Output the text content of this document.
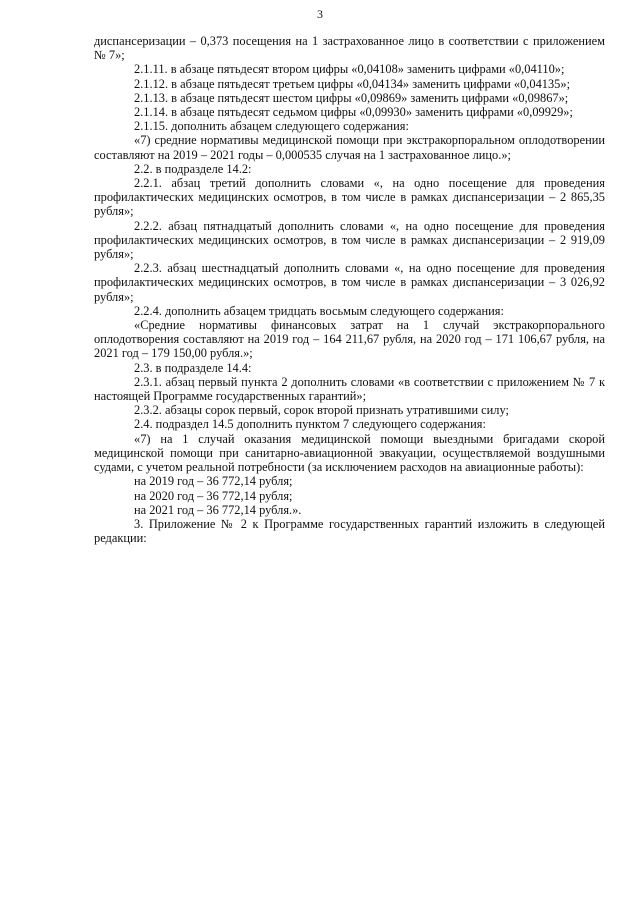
3

диспансеризации – 0,373 посещения на 1 застрахованное лицо в соответствии с приложением № 7»;

2.1.11. в абзаце пятьдесят втором цифры «0,04108» заменить цифрами «0,04110»;

2.1.12. в абзаце пятьдесят третьем цифры «0,04134» заменить цифрами «0,04135»;

2.1.13. в абзаце пятьдесят шестом цифры «0,09869» заменить цифрами «0,09867»;

2.1.14. в абзаце пятьдесят седьмом цифры «0,09930» заменить цифрами «0,09929»;

2.1.15. дополнить абзацем следующего содержания:

«7) средние нормативы медицинской помощи при экстракорпоральном оплодотворении составляют на 2019 – 2021 годы – 0,000535 случая на 1 застрахованное лицо.»;

2.2. в подразделе 14.2:

2.2.1. абзац третий дополнить словами «, на одно посещение для проведения профилактических медицинских осмотров, в том числе в рамках диспансеризации – 2 865,35 рубля»;

2.2.2. абзац пятнадцатый дополнить словами «, на одно посещение для проведения профилактических медицинских осмотров, в том числе в рамках диспансеризации – 2 919,09 рубля»;

2.2.3. абзац шестнадцатый дополнить словами «, на одно посещение для проведения профилактических медицинских осмотров, в том числе в рамках диспансеризации – 3 026,92 рубля»;

2.2.4. дополнить абзацем тридцать восьмым следующего содержания:

«Средние нормативы финансовых затрат на 1 случай экстракорпорального оплодотворения составляют на 2019 год – 164 211,67 рубля, на 2020 год – 171 106,67 рубля, на 2021 год – 179 150,00 рубля.»;

2.3. в подразделе 14.4:

2.3.1. абзац первый пункта 2 дополнить словами «в соответствии с приложением № 7 к настоящей Программе государственных гарантий»;

2.3.2. абзацы сорок первый, сорок второй признать утратившими силу;

2.4. подраздел 14.5 дополнить пунктом 7 следующего содержания:

«7) на 1 случай оказания медицинской помощи выездными бригадами скорой медицинской помощи при санитарно-авиационной эвакуации, осуществляемой воздушными судами, с учетом реальной потребности (за исключением расходов на авиационные работы):

на 2019 год – 36 772,14 рубля;

на 2020 год – 36 772,14 рубля;

на 2021 год – 36 772,14 рубля.».

3. Приложение № 2 к Программе государственных гарантий изложить в следующей редакции:
